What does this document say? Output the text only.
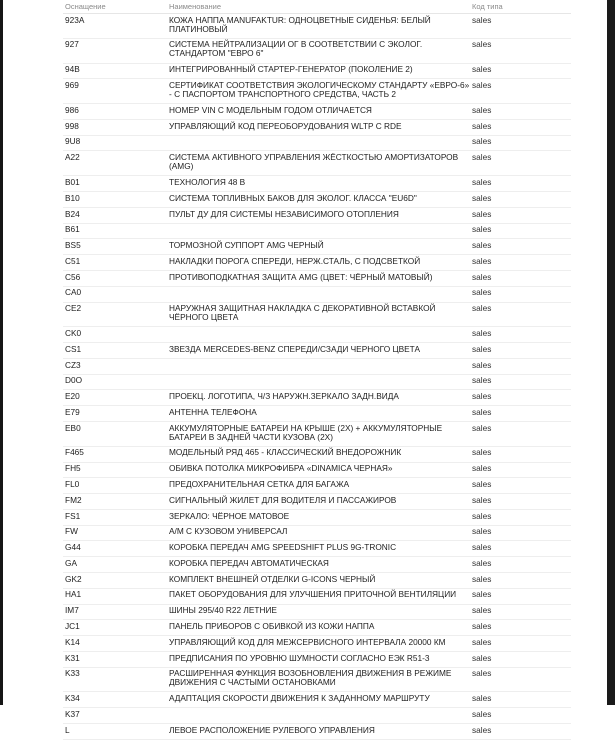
Оснащение	Наименование	Код типа
923A	КОЖА НАППА MANUFAKTUR: ОДНОЦВЕТНЫЕ СИДЕНЬЯ: БЕЛЫЙ ПЛАТИНОВЫЙ	sales
927	СИСТЕМА НЕЙТРАЛИЗАЦИИ ОГ В СООТВЕТСТВИИ С ЭКОЛОГ. СТАНДАРТОМ "ЕВРО 6"	sales
94B	ИНТЕГРИРОВАННЫЙ СТАРТЕР-ГЕНЕРАТОР (ПОКОЛЕНИЕ 2)	sales
969	СЕРТИФИКАТ СООТВЕТСТВИЯ ЭКОЛОГИЧЕСКОМУ СТАНДАРТУ «ЕВРО-6» - С ПАСПОРТОМ ТРАНСПОРТНОГО СРЕДСТВА, ЧАСТЬ 2	sales
986	НОМЕР VIN С МОДЕЛЬНЫМ ГОДОМ ОТЛИЧАЕТСЯ	sales
998	УПРАВЛЯЮЩИЙ КОД ПЕРЕОБОРУДОВАНИЯ WLTP С RDE	sales
9U8		sales
A22	СИСТЕМА АКТИВНОГО УПРАВЛЕНИЯ ЖЁСТКОСТЬЮ АМОРТИЗАТОРОВ (AMG)	sales
B01	ТЕХНОЛОГИЯ 48 В	sales
B10	СИСТЕМА ТОПЛИВНЫХ БАКОВ ДЛЯ ЭКОЛОГ. КЛАССА "EU6D"	sales
B24	ПУЛЬТ ДУ ДЛЯ СИСТЕМЫ НЕЗАВИСИМОГО ОТОПЛЕНИЯ	sales
B61		sales
BS5	ТОРМОЗНОЙ СУППОРТ AMG ЧЕРНЫЙ	sales
C51	НАКЛАДКИ ПОРОГА СПЕРЕДИ, НЕРЖ.СТАЛЬ, С ПОДСВЕТКОЙ	sales
C56	ПРОТИВОПОДКАТНАЯ ЗАЩИТА AMG (ЦВЕТ: ЧЁРНЫЙ МАТОВЫЙ)	sales
CA0		sales
CE2	НАРУЖНАЯ ЗАЩИТНАЯ НАКЛАДКА С ДЕКОРАТИВНОЙ ВСТАВКОЙ ЧЁРНОГО ЦВЕТА	sales
CK0		sales
CS1	ЗВЕЗДА MERCEDES-BENZ СПЕРЕДИ/СЗАДИ ЧЕРНОГО ЦВЕТА	sales
CZ3		sales
D0O		sales
E20	ПРОЕКЦ. ЛОГОТИПА, Ч/З НАРУЖН.ЗЕРКАЛО ЗАДН.ВИДА	sales
E79	АНТЕННА ТЕЛЕФОНА	sales
EB0	АККУМУЛЯТОРНЫЕ БАТАРЕИ НА КРЫШЕ (2X) + АККУМУЛЯТОРНЫЕ БАТАРЕИ В ЗАДНЕЙ ЧАСТИ КУЗОВА (2X)	sales
F465	МОДЕЛЬНЫЙ РЯД 465 - КЛАССИЧЕСКИЙ ВНЕДОРОЖНИК	sales
FH5	ОБИВКА ПОТОЛКА МИКРОФИБРА «DINAMICA ЧЕРНАЯ»	sales
FL0	ПРЕДОХРАНИТЕЛЬНАЯ СЕТКА ДЛЯ БАГАЖА	sales
FM2	СИГНАЛЬНЫЙ ЖИЛЕТ ДЛЯ ВОДИТЕЛЯ И ПАССАЖИРОВ	sales
FS1	ЗЕРКАЛО: ЧЁРНОЕ МАТОВОЕ	sales
FW	А/М С КУЗОВОМ УНИВЕРСАЛ	sales
G44	КОРОБКА ПЕРЕДАЧ AMG SPEEDSHIFT PLUS 9G-TRONIC	sales
GA	КОРОБКА ПЕРЕДАЧ АВТОМАТИЧЕСКАЯ	sales
GK2	КОМПЛЕКТ ВНЕШНЕЙ ОТДЕЛКИ G-ICONS ЧЕРНЫЙ	sales
HA1	ПАКЕТ ОБОРУДОВАНИЯ ДЛЯ УЛУЧШЕНИЯ ПРИТОЧНОЙ ВЕНТИЛЯЦИИ	sales
IM7	ШИНЫ 295/40 R22 ЛЕТНИЕ	sales
JC1	ПАНЕЛЬ ПРИБОРОВ С ОБИВКОЙ ИЗ КОЖИ НАППА	sales
K14	УПРАВЛЯЮЩИЙ КОД ДЛЯ МЕЖСЕРВИСНОГО ИНТЕРВАЛА 20000 КМ	sales
K31	ПРЕДПИСАНИЯ ПО УРОВНЮ ШУМНОСТИ СОГЛАСНО ЕЭК R51-3	sales
K33	РАСШИРЕННАЯ ФУНКЦИЯ ВОЗОБНОВЛЕНИЯ ДВИЖЕНИЯ В РЕЖИМЕ ДВИЖЕНИЯ С ЧАСТЫМИ ОСТАНОВКАМИ	sales
K34	АДАПТАЦИЯ СКОРОСТИ ДВИЖЕНИЯ К ЗАДАННОМУ МАРШРУТУ	sales
K37		sales
L	ЛЕВОЕ РАСПОЛОЖЕНИЕ РУЛЕВОГО УПРАВЛЕНИЯ	sales
